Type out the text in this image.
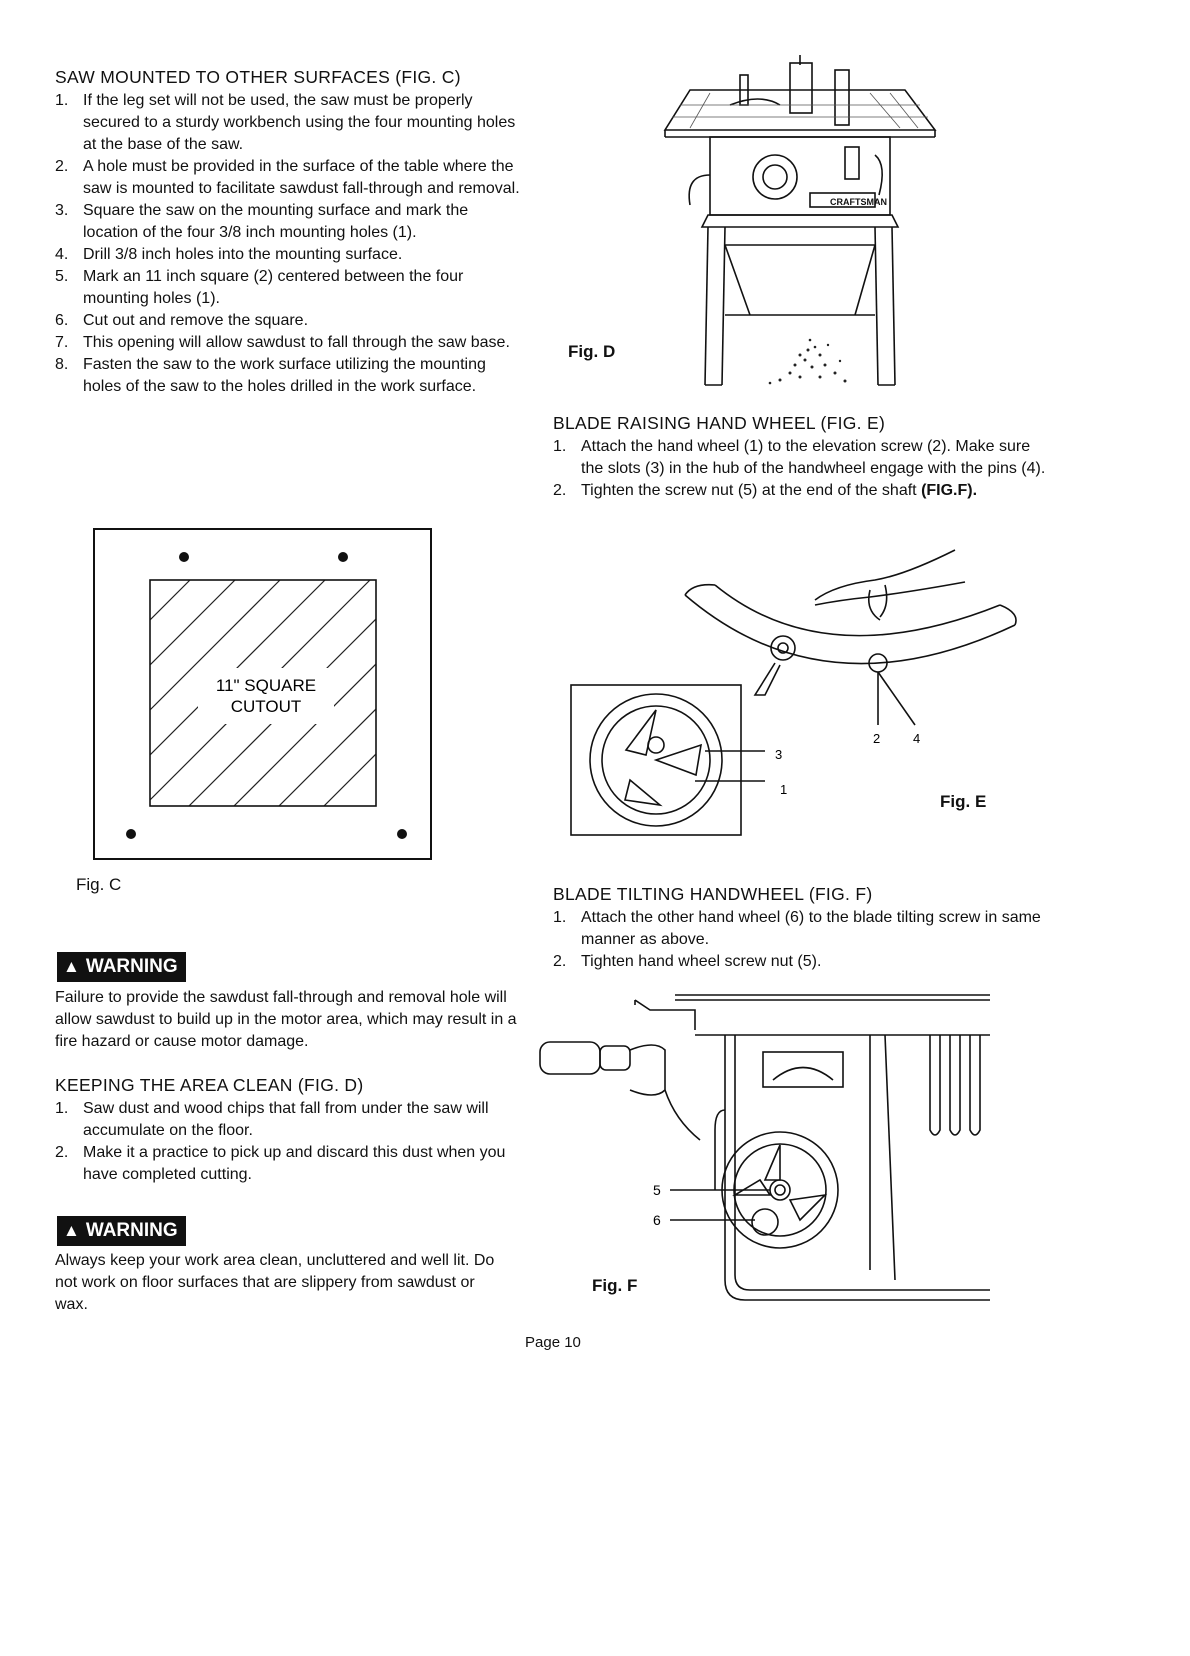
SAW MOUNTED TO OTHER SURFACES (FIG. C)
1. If the leg set will not be used, the saw must be properly secured to a sturdy workbench using the four mounting holes at the base of the saw.
2. A hole must be provided in the surface of the table where the saw is mounted to facilitate sawdust fall-through and removal.
3. Square the saw on the mounting surface and mark the location of the four 3/8 inch mounting holes (1).
4. Drill 3/8 inch holes into the mounting surface.
5. Mark an 11 inch square (2) centered between the four mounting holes (1).
6. Cut out and remove the square.
7. This opening will allow sawdust to fall through the saw base.
8. Fasten the saw to the work surface utilizing the mounting holes of the saw to the holes drilled in the work surface.
11" SQUARE
CUTOUT
Fig. C
▲ WARNING

Failure to provide the sawdust fall-through and removal hole will allow sawdust to build up in the motor area, which may result in a fire hazard or cause motor damage.

KEEPING THE AREA CLEAN (FIG. D)
1. Saw dust and wood chips that fall from under the saw will accumulate on the floor.
2. Make it a practice to pick up and discard this dust when you have completed cutting.
▲ WARNING

Always keep your work area clean, uncluttered and well lit. Do not work on floor surfaces that are slippery from sawdust or wax.

CRAFTSMAN
Fig. D
BLADE RAISING HAND WHEEL (FIG. E)
1. Attach the hand wheel (1) to the elevation screw (2). Make sure the slots (3) in the hub of the handwheel engage with the pins (4).
2. Tighten the screw nut (5) at the end of the shaft (FIG.F).
3
1
2	4
Fig. E
BLADE TILTING HANDWHEEL (FIG. F)
1. Attach the other hand wheel (6) to the blade tilting screw in same manner as above.
2. Tighten hand wheel screw nut (5).
5
6
Fig. F
Page 10
